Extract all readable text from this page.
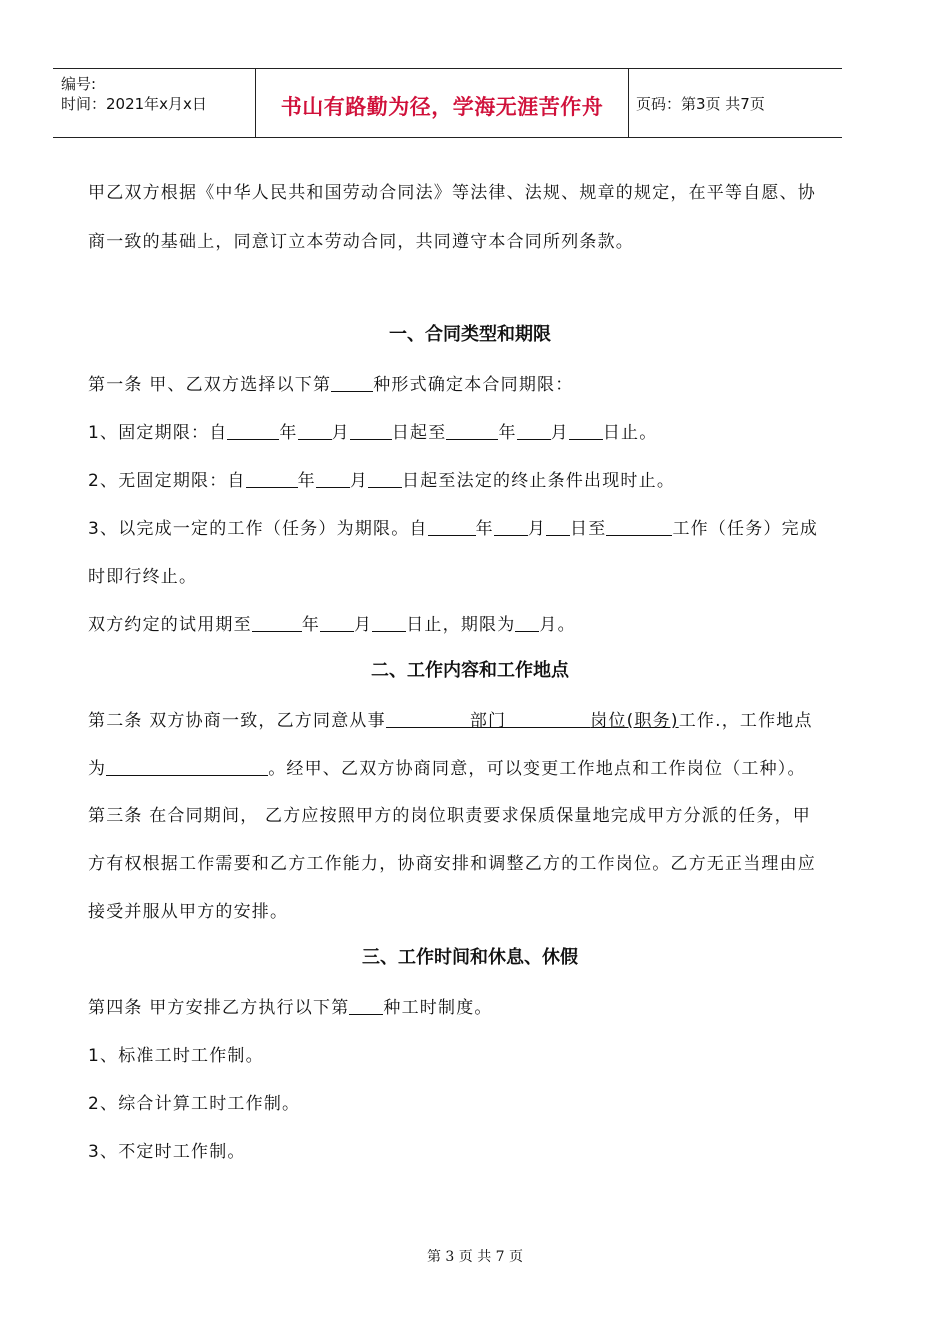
编号:
时间：2021年x月x日	书山有路勤为径，学海无涯苦作舟	页码：第3页 共7页
甲乙双方根据《中华人民共和国劳动合同法》等法律、法规、规章的规定，在平等自愿、协
商一致的基础上，同意订立本劳动合同，共同遵守本合同所列条款。
一、合同类型和期限
第一条 甲、乙双方选择以下第 种形式确定本合同期限：
1、固定期限：自	年 月 日起至	年 月 日止。
2、无固定期限：自	年 月 日起至法定的终止条件出现时止。
3、以完成一定的工作（任务）为期限。自	年 月 日至	工作（任务）完成
时即行终止。
双方约定的试用期至	年 月 日止，期限为 月。
二、工作内容和工作地点
第二条 双方协商一致，乙方同意从事	部门	岗位(职务)工作.，工作地点
为	。经甲、乙双方协商同意，可以变更工作地点和工作岗位（工种）。
第三条 在合同期间， 乙方应按照甲方的岗位职责要求保质保量地完成甲方分派的任务，甲
方有权根据工作需要和乙方工作能力，协商安排和调整乙方的工作岗位。乙方无正当理由应
接受并服从甲方的安排。
三、工作时间和休息、休假
第四条 甲方安排乙方执行以下第 种工时制度。
1、标准工时工作制。
2、综合计算工时工作制。
3、不定时工作制。
第 3 页 共 7 页
